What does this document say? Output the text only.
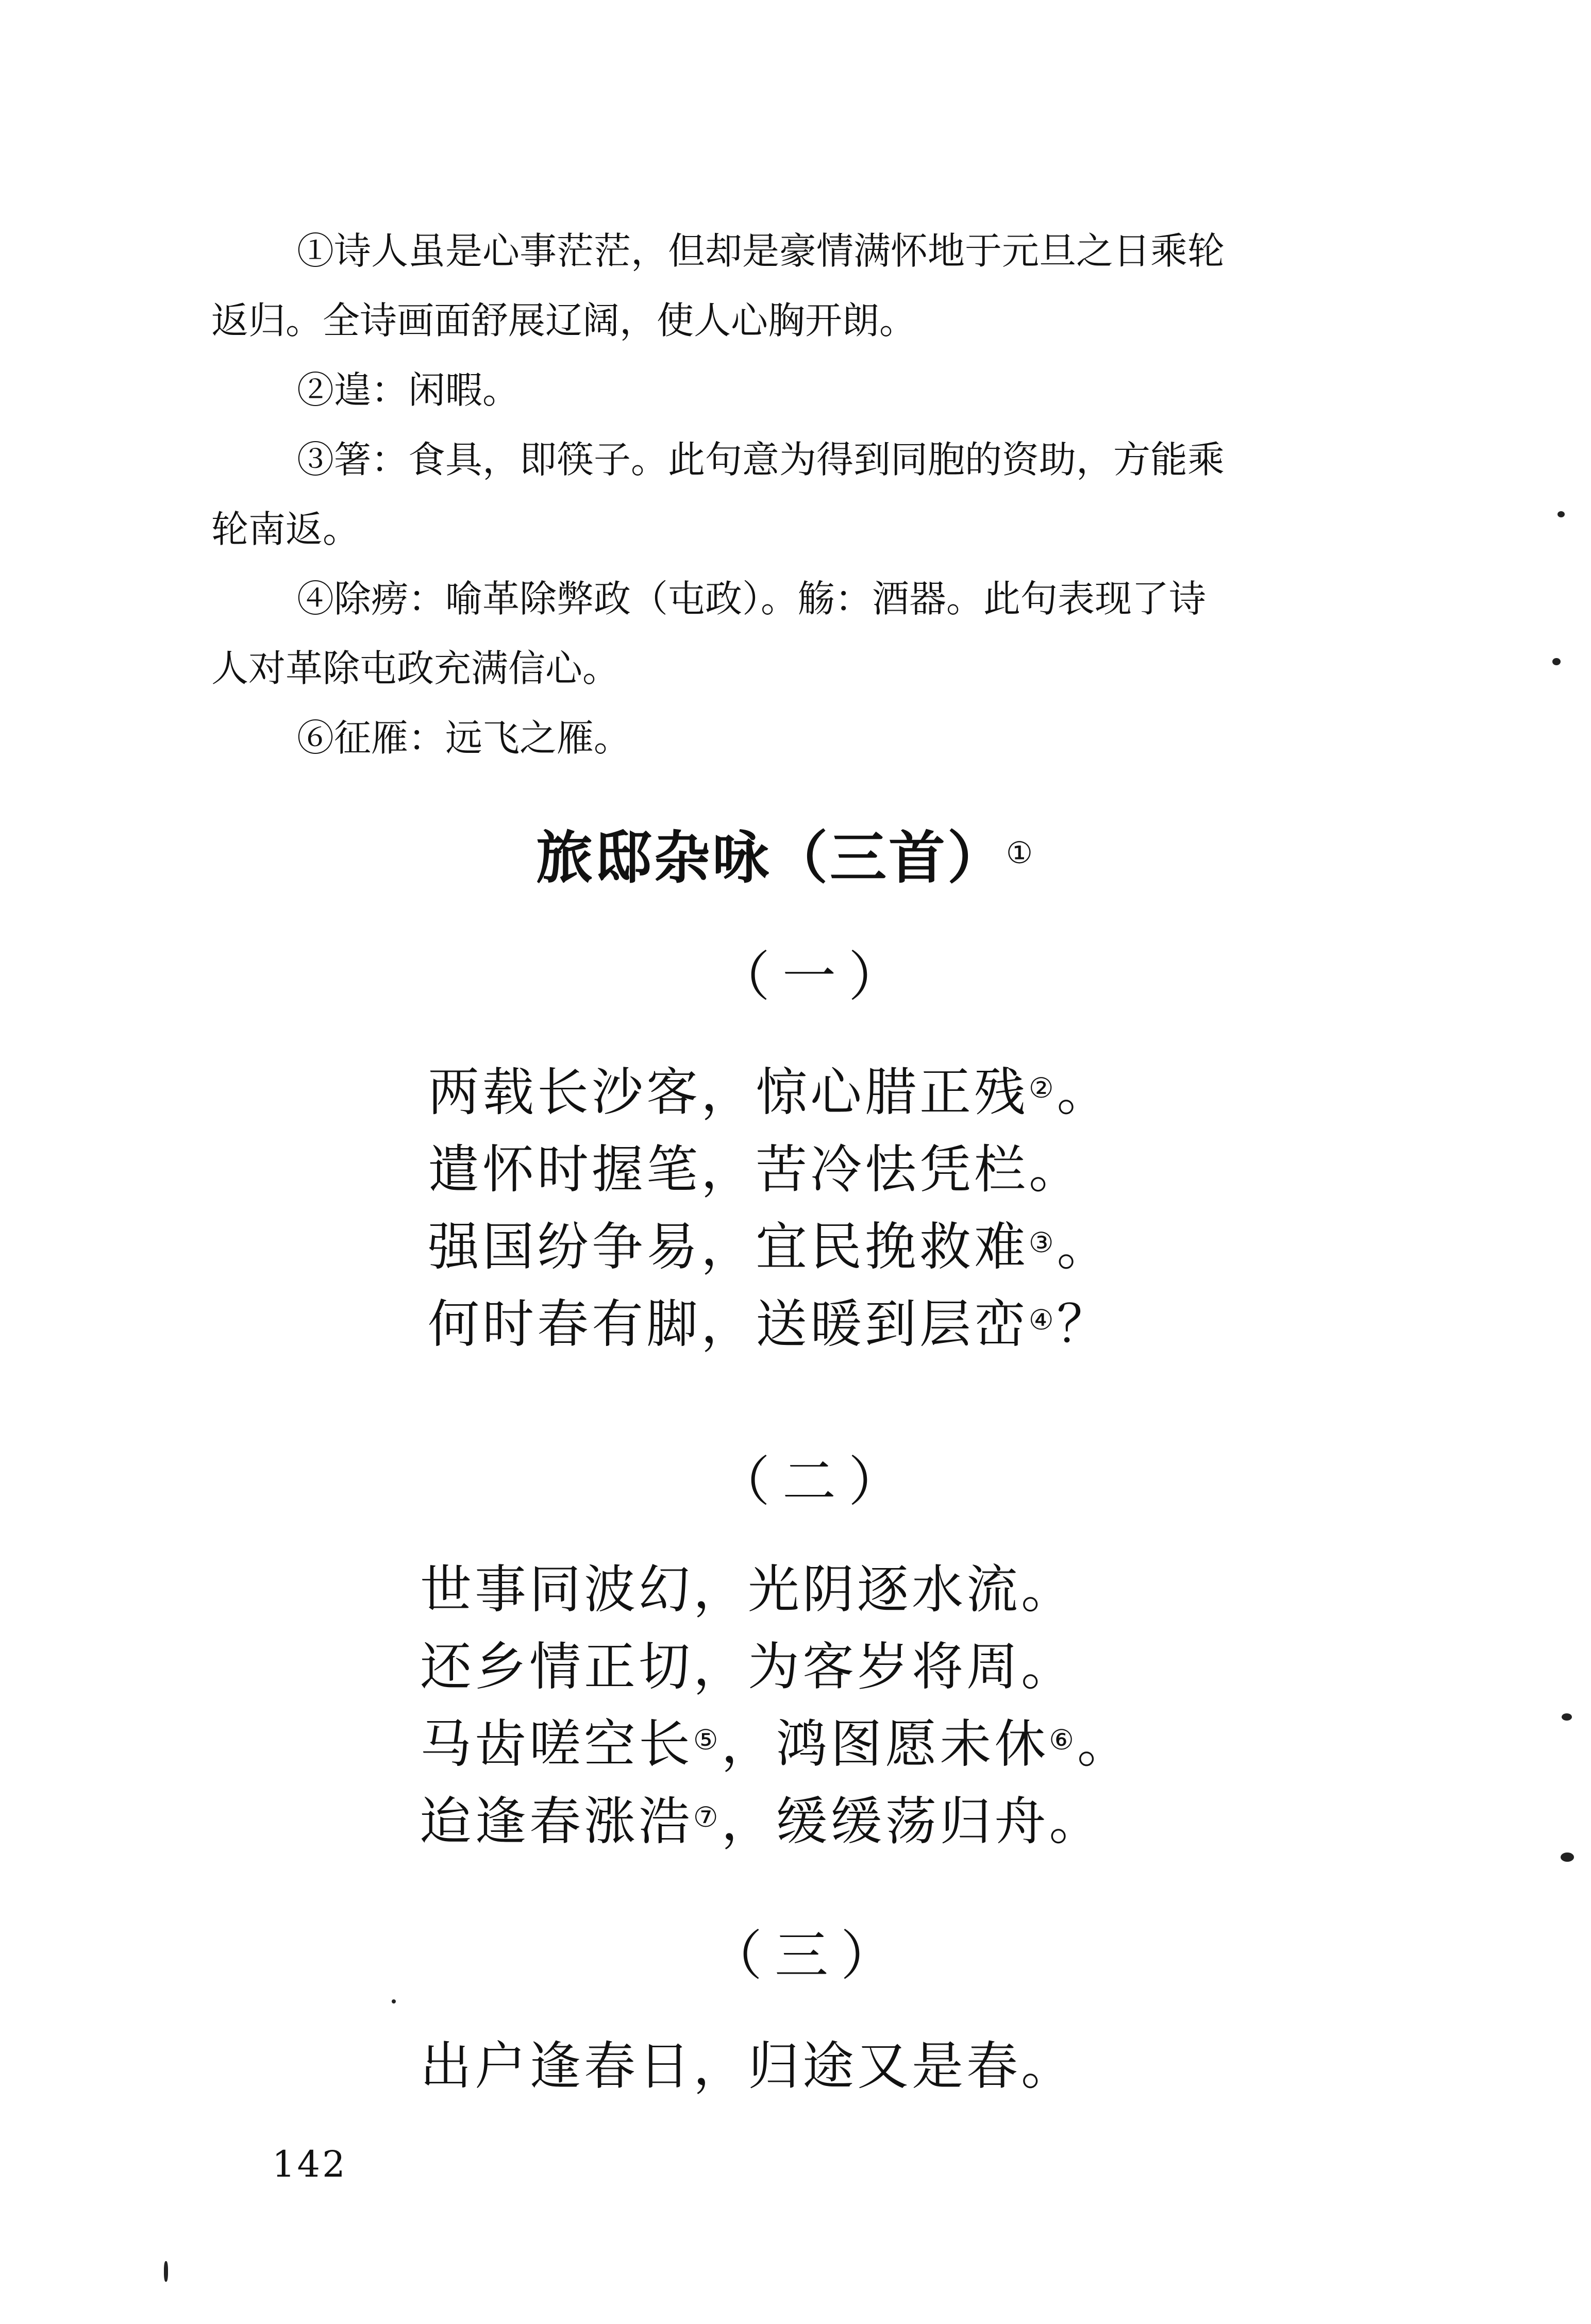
①诗人虽是心事茫茫，但却是豪情满怀地于元旦之日乘轮
返归。全诗画面舒展辽阔，使人心胸开朗。
②遑：闲暇。
③箸：食具，即筷子。此句意为得到同胞的资助，方能乘
轮南返。
④除痨：喻革除弊政（屯政）。觞：酒器。此句表现了诗
人对革除屯政充满信心。
⑥征雁：远飞之雁。
旅邸杂咏（三首）①
（一）
两载长沙客，惊心腊正残②。
遣怀时握笔，苦冷怯凭栏。
强国纷争易，宜民挽救难③。
何时春有脚，送暖到层峦④？
（二）
世事同波幻，光阴逐水流。
还乡情正切，为客岁将周。
马齿嗟空长⑤，鸿图愿未休⑥。
迨逢春涨浩⑦，缓缓荡归舟。
（三）
出户逢春日，归途又是春。
142
